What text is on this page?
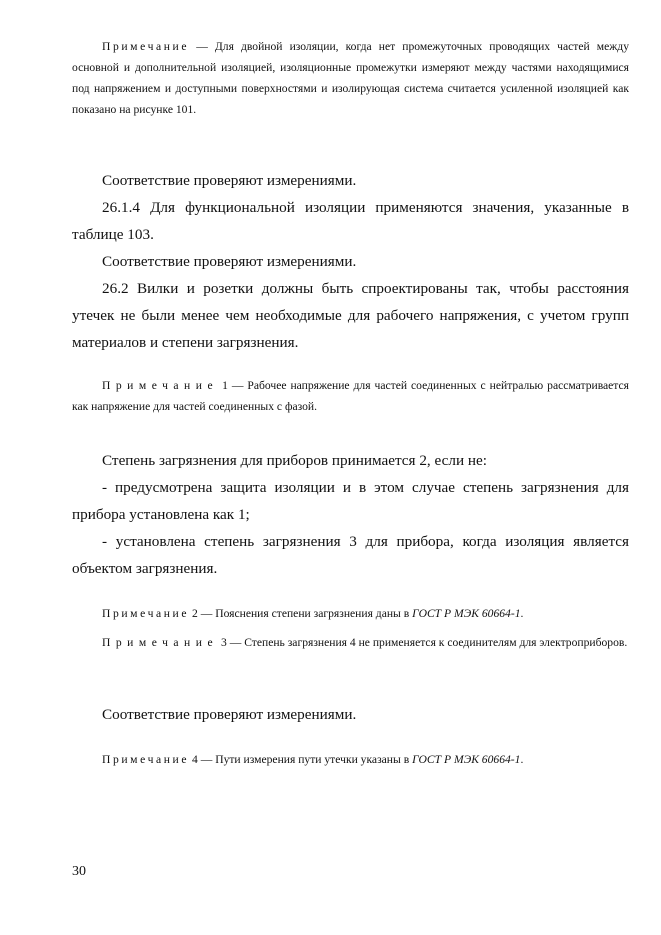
Примечание — Для двойной изоляции, когда нет промежуточных проводящих частей между основной и дополнительной изоляцией, изоляционные промежутки измеряют между частями находящимися под напряжением и доступными поверхностями и изолирующая система считается усиленной изоляцией как показано на рисунке 101.
Соответствие проверяют измерениями.
26.1.4 Для функциональной изоляции применяются значения, указанные в таблице 103.
Соответствие проверяют измерениями.
26.2 Вилки и розетки должны быть спроектированы так, чтобы расстояния утечек не были менее чем необходимые для рабочего напряжения, с учетом групп материалов и степени загрязнения.
Примечание 1 — Рабочее напряжение для частей соединенных с нейтралью рассматривается как напряжение для частей соединенных с фазой.
Степень загрязнения для приборов принимается 2, если не:
- предусмотрена защита изоляции и в этом случае степень загрязнения для прибора установлена как 1;
- установлена степень загрязнения 3 для прибора, когда изоляция является объектом загрязнения.
Примечание 2 — Пояснения степени загрязнения даны в ГОСТ Р МЭК 60664-1.
Примечание 3 — Степень загрязнения 4 не применяется к соединителям для электроприборов.
Соответствие проверяют измерениями.
Примечание 4 — Пути измерения пути утечки указаны в ГОСТ Р МЭК 60664-1.
30
